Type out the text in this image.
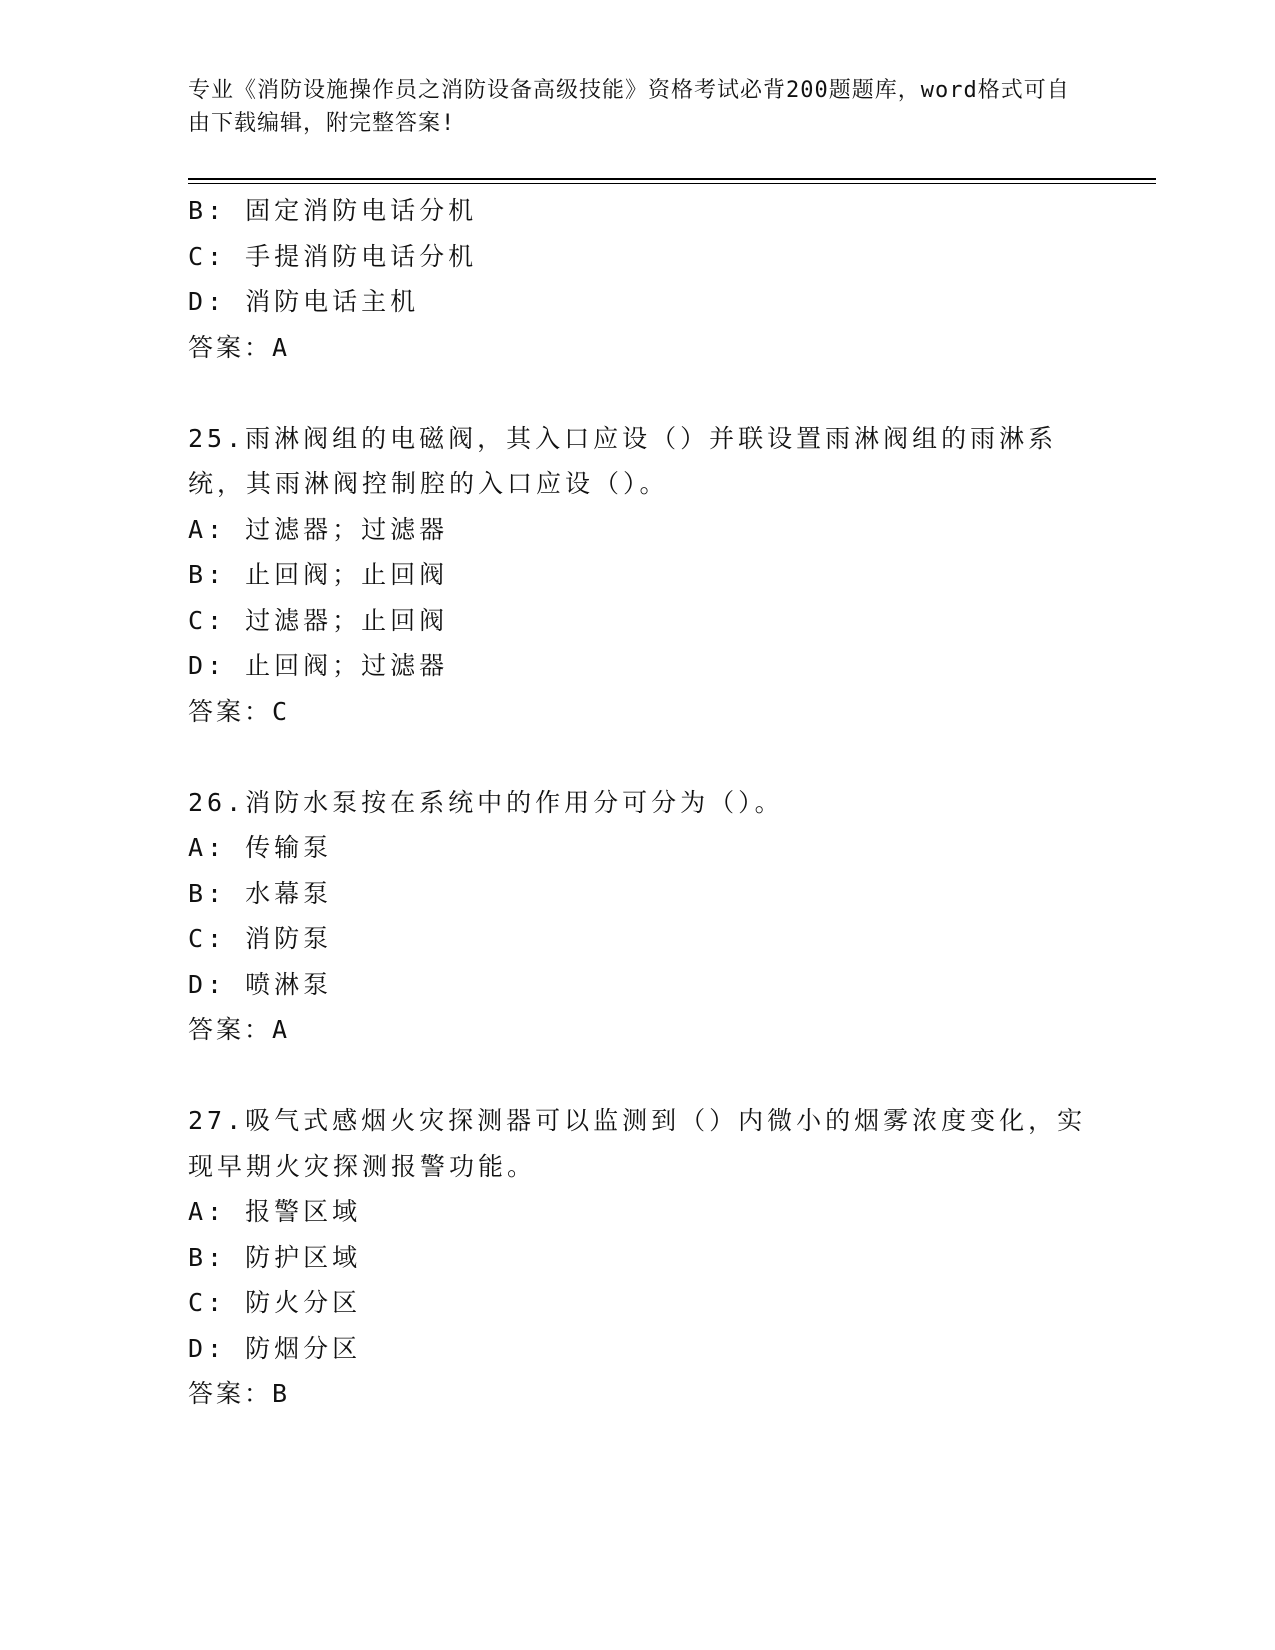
专业《消防设施操作员之消防设备高级技能》资格考试必背200题题库，word格式可自由下载编辑，附完整答案!
B: 固定消防电话分机
C: 手提消防电话分机
D: 消防电话主机
答案：A
25.雨淋阀组的电磁阀，其入口应设（）并联设置雨淋阀组的雨淋系统，其雨淋阀控制腔的入口应设（）。
A: 过滤器；过滤器
B: 止回阀；止回阀
C: 过滤器；止回阀
D: 止回阀；过滤器
答案：C
26.消防水泵按在系统中的作用分可分为（）。
A: 传输泵
B: 水幕泵
C: 消防泵
D: 喷淋泵
答案：A
27.吸气式感烟火灾探测器可以监测到（）内微小的烟雾浓度变化，实现早期火灾探测报警功能。
A: 报警区域
B: 防护区域
C: 防火分区
D: 防烟分区
答案：B
